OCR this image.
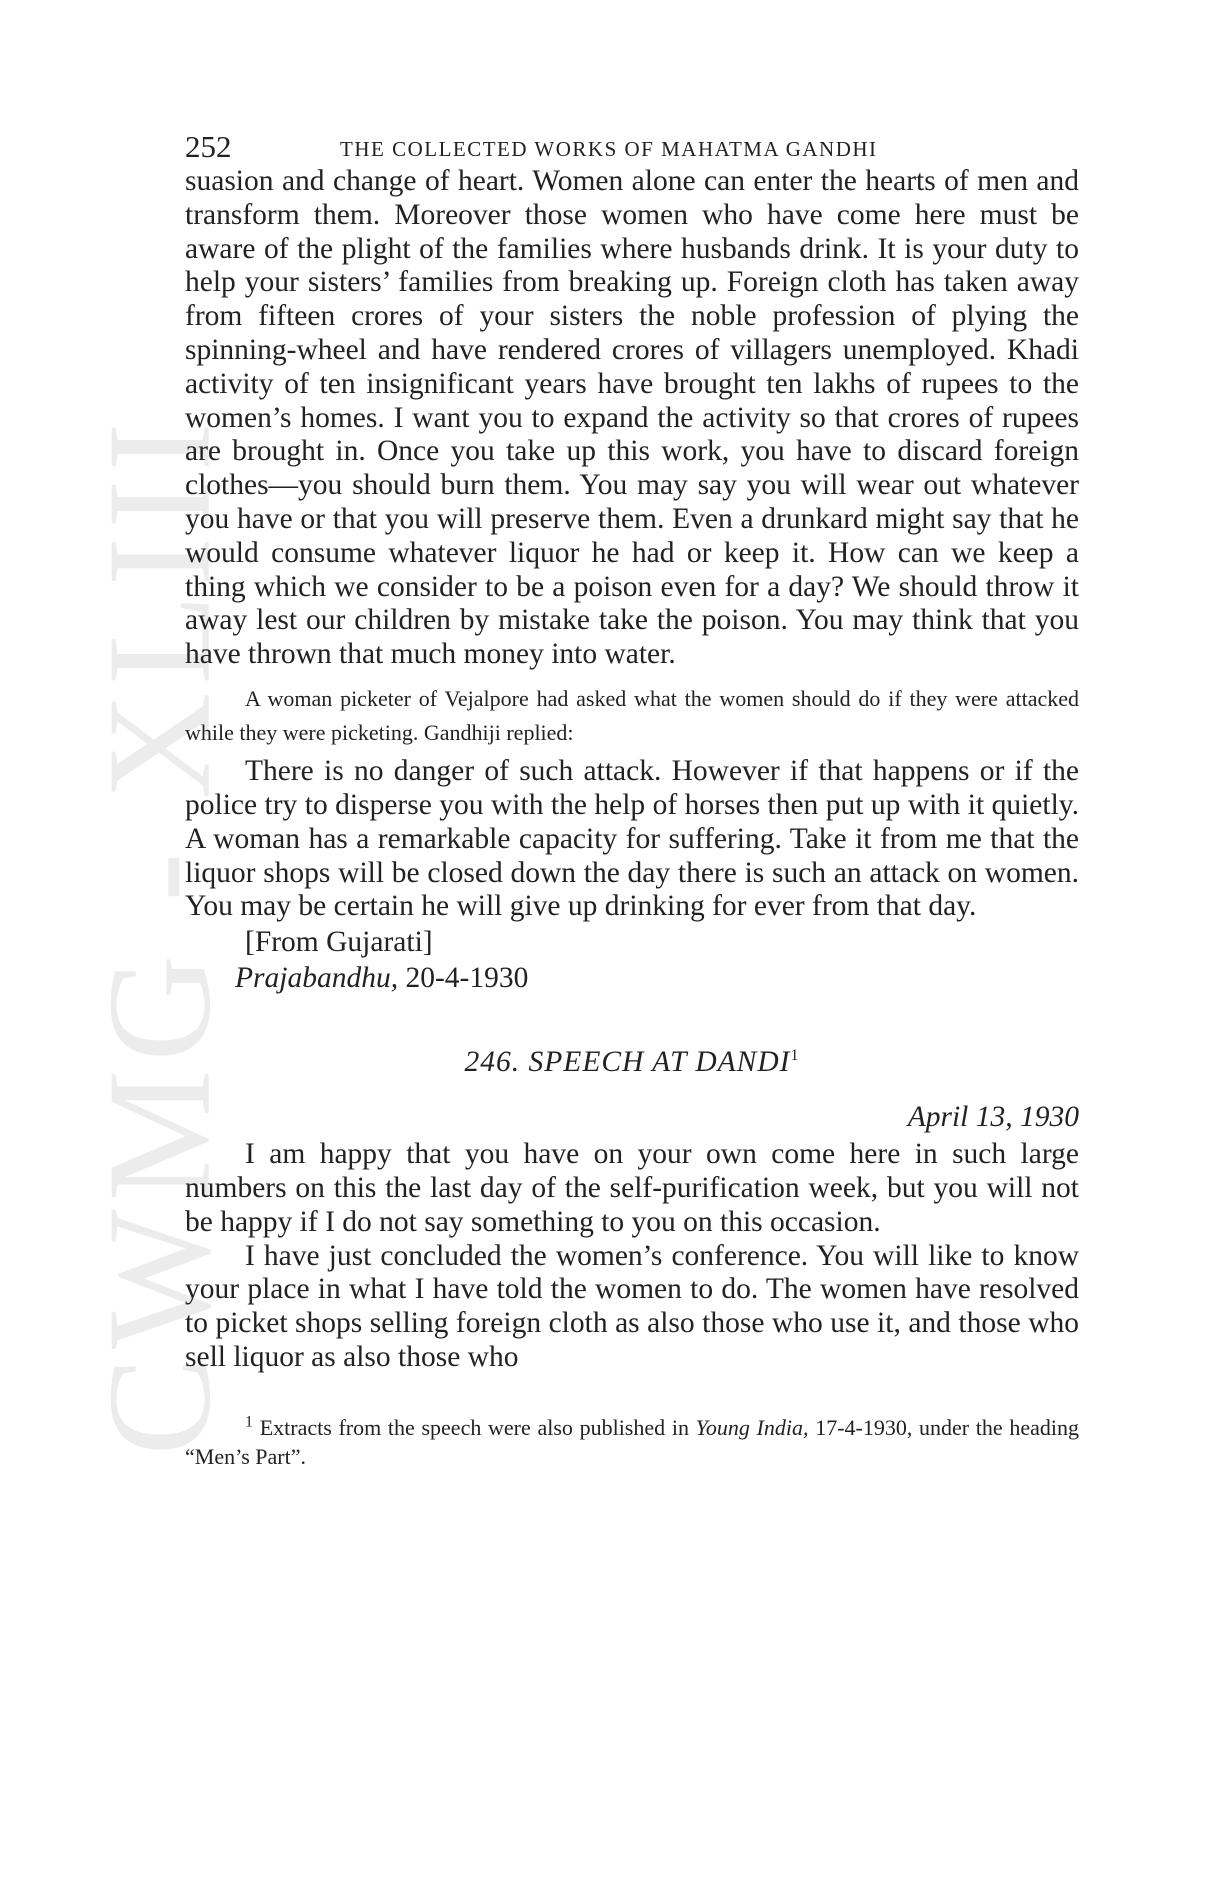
CWMG - XLIII
252	THE COLLECTED WORKS OF MAHATMA GANDHI

suasion and change of heart. Women alone can enter the hearts of men and transform them. Moreover those women who have come here must be aware of the plight of the families where husbands drink. It is your duty to help your sisters’ families from breaking up. Foreign cloth has taken away from fifteen crores of your sisters the noble profession of plying the spinning-wheel and have rendered crores of villagers unemployed. Khadi activity of ten insignificant years have brought ten lakhs of rupees to the women’s homes. I want you to expand the activity so that crores of rupees are brought in. Once you take up this work, you have to discard foreign clothes—you should burn them. You may say you will wear out whatever you have or that you will preserve them. Even a drunkard might say that he would consume whatever liquor he had or keep it. How can we keep a thing which we consider to be a poison even for a day? We should throw it away lest our children by mistake take the poison. You may think that you have thrown that much money into water.

A woman picketer of Vejalpore had asked what the women should do if they were attacked while they were picketing. Gandhiji replied:

There is no danger of such attack. However if that happens or if the police try to disperse you with the help of horses then put up with it quietly. A woman has a remarkable capacity for suffering. Take it from me that the liquor shops will be closed down the day there is such an attack on women. You may be certain he will give up drinking for ever from that day.

[From Gujarati]
Prajabandhu, 20-4-1930
246. SPEECH AT DANDI$^1$
April 13, 1930

I am happy that you have on your own come here in such large numbers on this the last day of the self-purification week, but you will not be happy if I do not say something to you on this occasion.

I have just concluded the women’s conference. You will like to know your place in what I have told the women to do. The women have resolved to picket shops selling foreign cloth as also those who use it, and those who sell liquor as also those who

$^1$ Extracts from the speech were also published in Young India, 17-4-1930, under the heading “Men’s Part”.
